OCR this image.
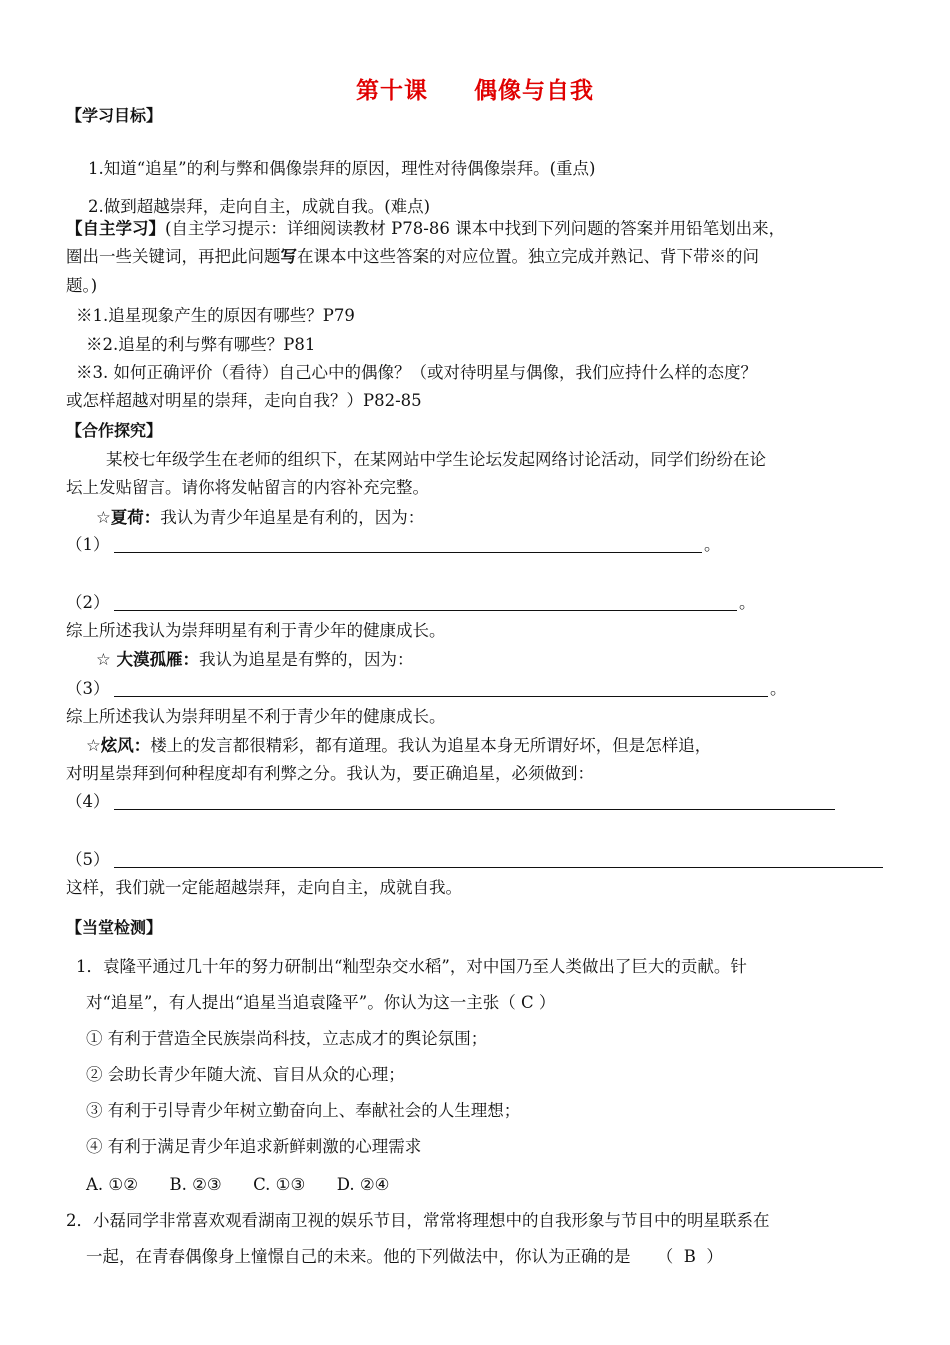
第十课 偶像与自我
【学习目标】
1.知道“追星”的利与弊和偶像崇拜的原因，理性对待偶像崇拜。(重点)
2.做到超越崇拜，走向自主，成就自我。(难点)
【自主学习】(自主学习提示：详细阅读教材 P78-86 课本中找到下列问题的答案并用铅笔划出来，
圈出一些关键词，再把此问题写在课本中这些答案的对应位置。独立完成并熟记、背下带※的问
题。)
※1.追星现象产生的原因有哪些？P79
※2.追星的利与弊有哪些？P81
※3. 如何正确评价（看待）自己心中的偶像？（或对待明星与偶像，我们应持什么样的态度？
或怎样超越对明星的崇拜，走向自我？）P82-85
【合作探究】
某校七年级学生在老师的组织下，在某网站中学生论坛发起网络讨论活动，同学们纷纷在论
坛上发贴留言。请你将发帖留言的内容补充完整。
☆夏荷：我认为青少年追星是有利的，因为：
（1）	。
（2）	。
综上所述我认为崇拜明星有利于青少年的健康成长。
☆ 大漠孤雁：我认为追星是有弊的，因为：
（3）	。
综上所述我认为崇拜明星不利于青少年的健康成长。
☆炫风：楼上的发言都很精彩，都有道理。我认为追星本身无所谓好坏，但是怎样追，
对明星崇拜到何种程度却有利弊之分。我认为，要正确追星，必须做到：
（4）
（5）
这样，我们就一定能超越崇拜，走向自主，成就自我。
【当堂检测】
1．袁隆平通过几十年的努力研制出“籼型杂交水稻”，对中国乃至人类做出了巨大的贡献。针
对“追星”，有人提出“追星当追袁隆平”。你认为这一主张（ C ）
① 有利于营造全民族崇尚科技，立志成才的舆论氛围；
② 会助长青少年随大流、盲目从众的心理；
③ 有利于引导青少年树立勤奋向上、奉献社会的人生理想；
④ 有利于满足青少年追求新鲜刺激的心理需求
A. ①②      B. ②③      C. ①③      D. ②④
2．小磊同学非常喜欢观看湖南卫视的娱乐节目，常常将理想中的自我形象与节目中的明星联系在
一起，在青春偶像身上憧憬自己的未来。他的下列做法中，你认为正确的是     （  B  ）
